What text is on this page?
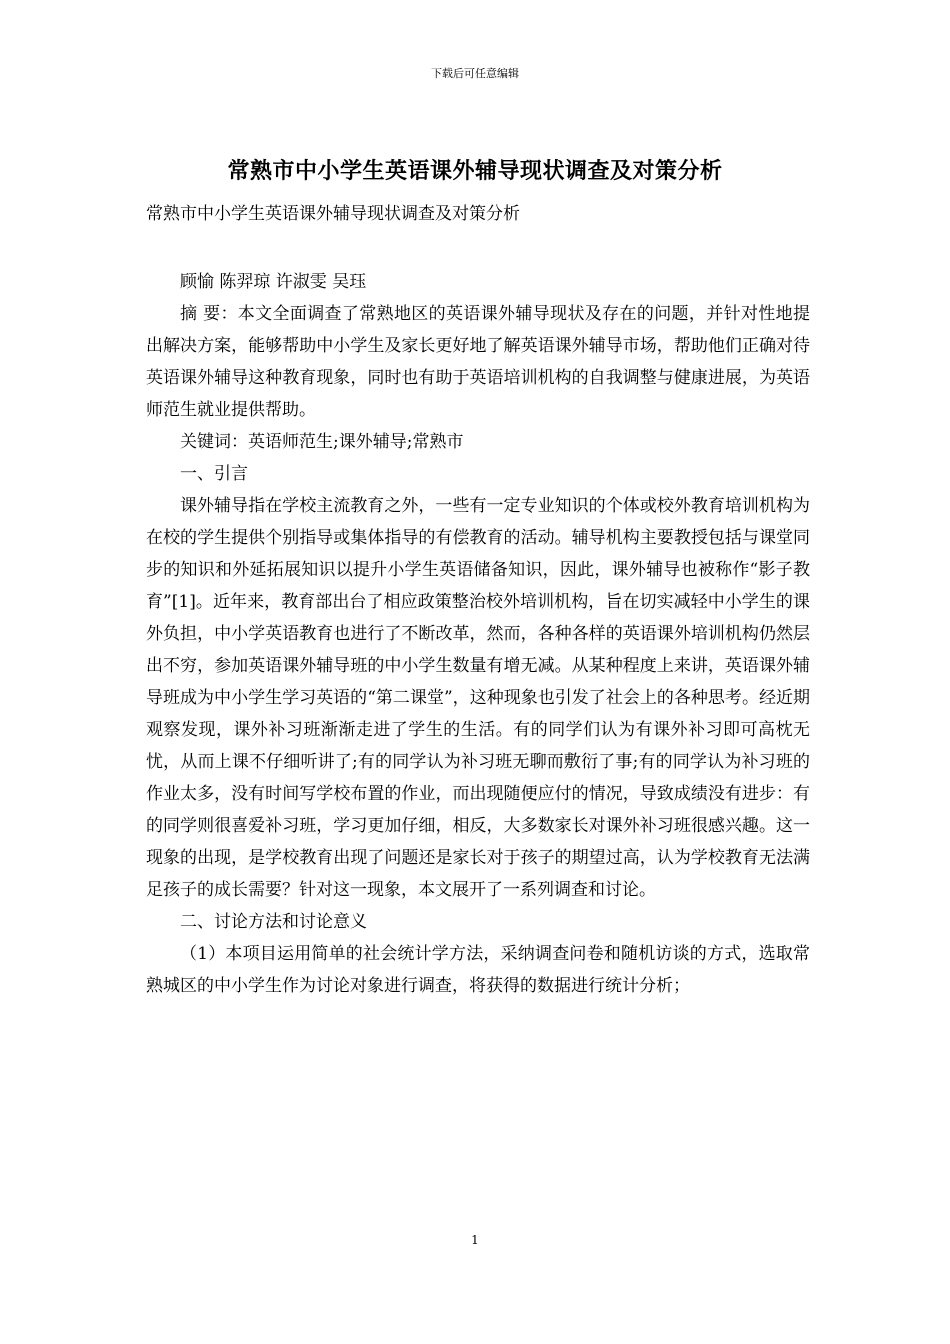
下载后可任意编辑
常熟市中小学生英语课外辅导现状调查及对策分析

常熟市中小学生英语课外辅导现状调查及对策分析

顾愉 陈羿琼 许淑雯 吴珏

摘 要：本文全面调查了常熟地区的英语课外辅导现状及存在的问题，并针对性地提出解决方案，能够帮助中小学生及家长更好地了解英语课外辅导市场，帮助他们正确对待英语课外辅导这种教育现象，同时也有助于英语培训机构的自我调整与健康进展，为英语师范生就业提供帮助。

关键词：英语师范生;课外辅导;常熟市

一、引言

课外辅导指在学校主流教育之外，一些有一定专业知识的个体或校外教育培训机构为在校的学生提供个别指导或集体指导的有偿教育的活动。辅导机构主要教授包括与课堂同步的知识和外延拓展知识以提升小学生英语储备知识，因此，课外辅导也被称作“影子教育”[1]。近年来，教育部出台了相应政策整治校外培训机构，旨在切实减轻中小学生的课外负担，中小学英语教育也进行了不断改革，然而，各种各样的英语课外培训机构仍然层出不穷，参加英语课外辅导班的中小学生数量有增无减。从某种程度上来讲，英语课外辅导班成为中小学生学习英语的“第二课堂”，这种现象也引发了社会上的各种思考。经近期观察发现，课外补习班渐渐走进了学生的生活。有的同学们认为有课外补习即可高枕无忧，从而上课不仔细听讲了;有的同学认为补习班无聊而敷衍了事;有的同学认为补习班的作业太多，没有时间写学校布置的作业，而出现随便应付的情况，导致成绩没有进步：有的同学则很喜爱补习班，学习更加仔细，相反，大多数家长对课外补习班很感兴趣。这一现象的出现，是学校教育出现了问题还是家长对于孩子的期望过高，认为学校教育无法满足孩子的成长需要？针对这一现象，本文展开了一系列调查和讨论。

二、讨论方法和讨论意义

（1）本项目运用简单的社会统计学方法，采纳调查问卷和随机访谈的方式，选取常熟城区的中小学生作为讨论对象进行调查，将获得的数据进行统计分析；

1
